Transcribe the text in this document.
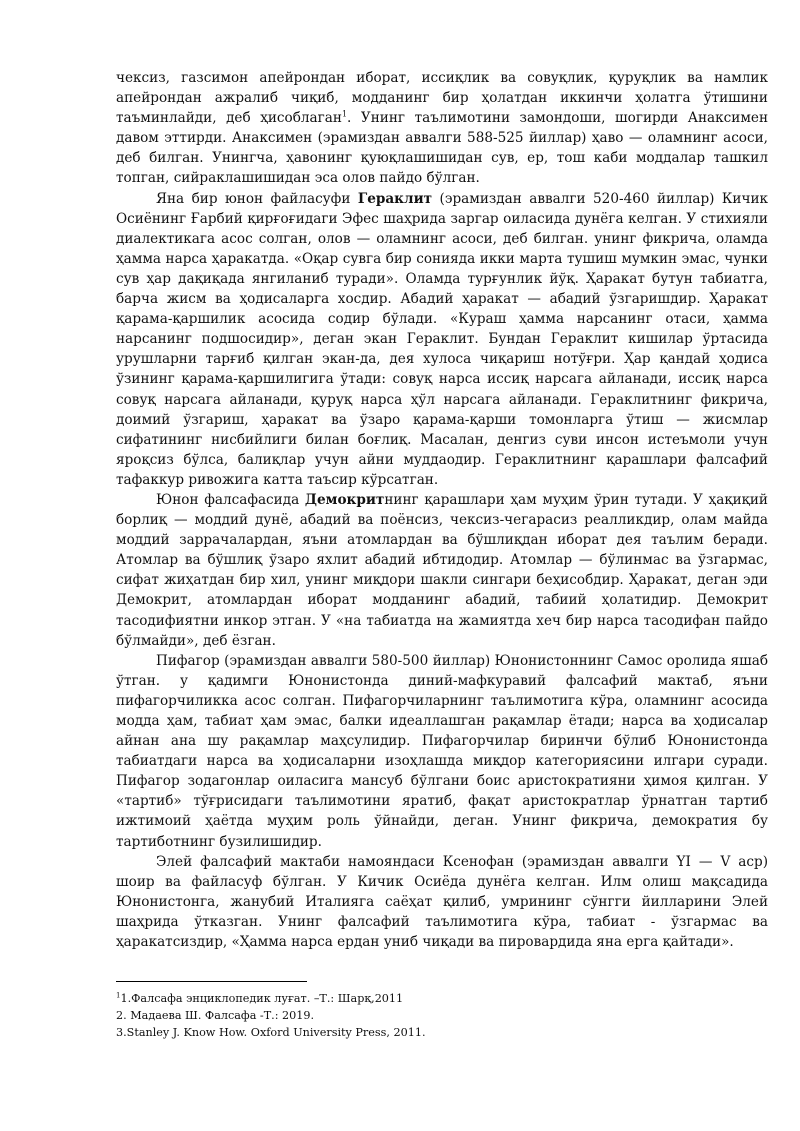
чексиз, газсимон апейрондан иборат, иссиқлик ва совуқлик, қуруқлик ва намлик апейрондан ажралиб чиқиб, модданинг бир ҳолатдан иккинчи ҳолатга ўтишини таъминлайди, деб ҳисоблаган$^1$. Унинг таълимотини замондоши, шогирди Анаксимен давом эттирди. Анаксимен (эрамиздан аввалги 588-525 йиллар) ҳаво — оламнинг асоси, деб билган. Унингча, ҳавонинг қуюқлашишидан сув, ер, тош каби моддалар ташкил топган, сийраклашишидан эса олов пайдо бўлган.

Яна бир юнон файласуфи Гераклит (эрамиздан аввалги 520-460 йиллар) Кичик Осиёнинг Ғарбий қирғоғидаги Эфес шаҳрида заргар оиласида дунёга келган. У стихияли диалектикага асос солган, олов — оламнинг асоси, деб билган. унинг фикрича, оламда ҳамма нарса ҳаракатда. «Оқар сувга бир сонияда икки марта тушиш мумкин эмас, чунки сув ҳар дақиқада янгиланиб туради». Оламда турғунлик йўқ. Ҳаракат бутун табиатга, барча жисм ва ҳодисаларга хосдир. Абадий ҳаракат — абадий ўзгаришдир. Ҳаракат қарама-қаршилик асосида содир бўлади. «Кураш ҳамма нарсанинг отаси, ҳамма нарсанинг подшосидир», деган экан Гераклит. Бундан Гераклит кишилар ўртасида урушларни тарғиб қилган экан-да, дея хулоса чиқариш нотўғри. Ҳар қандай ҳодиса ўзининг қарама-қаршилигига ўтади: совуқ нарса иссиқ нарсага айланади, иссиқ нарса совуқ нарсага айланади, қуруқ нарса ҳўл нарсага айланади. Гераклитнинг фикрича, доимий ўзгариш, ҳаракат ва ўзаро қарама-қарши томонларга ўтиш — жисмлар сифатининг нисбийлиги билан боғлиқ. Масалан, денгиз суви инсон истеъмоли учун яроқсиз бўлса, балиқлар учун айни муддаодир. Гераклитнинг қарашлари фалсафий тафаккур ривожига катта таъсир кўрсатган.

Юнон фалсафасида Демокритнинг қарашлари ҳам муҳим ўрин тутади. У ҳақиқий борлиқ — моддий дунё, абадий ва поёнсиз, чексиз-чегарасиз реалликдир, олам майда моддий заррачалардан, яъни атомлардан ва бўшлиқдан иборат дея таълим беради. Атомлар ва бўшлиқ ўзаро яхлит абадий ибтидодир. Атомлар — бўлинмас ва ўзгармас, сифат жиҳатдан бир хил, унинг миқдори шакли сингари беҳисобдир. Ҳаракат, деган эди Демокрит, атомлардан иборат модданинг абадий, табиий ҳолатидир. Демокрит тасодифиятни инкор этган. У «на табиатда на жамиятда хеч бир нарса тасодифан пайдо бўлмайди», деб ёзган.

Пифагор (эрамиздан аввалги 580-500 йиллар) Юнонистоннинг Самос оролида яшаб ўтган. у қадимги Юнонистонда диний-мафкуравий фалсафий мактаб, яъни пифагорчиликка асос солган. Пифагорчиларнинг таълимотига кўра, оламнинг асосида модда ҳам, табиат ҳам эмас, балки идеаллашган рақамлар ётади; нарса ва ҳодисалар айнан ана шу рақамлар маҳсулидир. Пифагорчилар биринчи бўлиб Юнонистонда табиатдаги нарса ва ҳодисаларни изоҳлашда миқдор категориясини илгари суради. Пифагор зодагонлар оиласига мансуб бўлгани боис аристократияни ҳимоя қилган. У «тартиб» тўғрисидаги таълимотини яратиб, фақат аристократлар ўрнатган тартиб ижтимоий ҳаётда муҳим роль ўйнайди, деган. Унинг фикрича, демократия бу тартиботнинг бузилишидир.

Элей фалсафий мактаби намояндаси Ксенофан (эрамиздан аввалги YI — V аср) шоир ва файласуф бўлган. У Кичик Осиёда дунёга келган. Илм олиш мақсадида Юнонистонга, жанубий Италияга саёҳат қилиб, умрининг сўнгги йилларини Элей шаҳрида ўтказган. Унинг фалсафий таълимотига кўра, табиат - ўзгармас ва ҳаракатсиздир, «Ҳамма нарса ердан униб чиқади ва пировардида яна ерга қайтади».

$^1$1.Фалсафа энциклопедик луғат. –Т.: Шарқ,2011

2. Мадаева Ш. Фалсафа -Т.: 2019.

3.Stanley J. Know How. Oxford University Press, 2011.
